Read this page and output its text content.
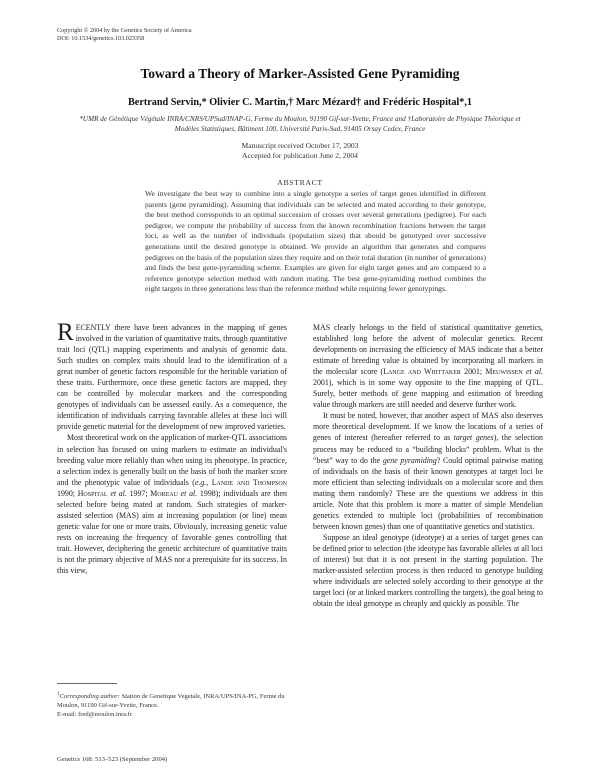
Copyright © 2004 by the Genetics Society of America
DOI: 10.1534/genetics.103.023358
Toward a Theory of Marker-Assisted Gene Pyramiding
Bertrand Servin,* Olivier C. Martin,† Marc Mézard† and Frédéric Hospital*,1
*UMR de Génétique Végétale INRA/CNRS/UPSud/INAP-G, Ferme du Moulon, 91190 Gif-sur-Yvette, France and †Laboratoire de Physique Théorique et Modèles Statistiques, Bâtiment 100, Université Paris-Sud, 91405 Orsay Cedex, France
Manuscript received October 17, 2003
Accepted for publication June 2, 2004
ABSTRACT
We investigate the best way to combine into a single genotype a series of target genes identified in different parents (gene pyramiding). Assuming that individuals can be selected and mated according to their genotype, the best method corresponds to an optimal succession of crosses over several generations (pedigree). For each pedigree, we compute the probability of success from the known recombination fractions between the target loci, as well as the number of individuals (population sizes) that should be genotyped over successive generations until the desired genotype is obtained. We provide an algorithm that generates and compares pedigrees on the basis of the population sizes they require and on their total duration (in number of generations) and finds the best gene-pyramiding scheme. Examples are given for eight target genes and are compared to a reference genotype selection method with random mating. The best gene-pyramiding method combines the eight targets in three generations less than the reference method while requiring fewer genotypings.

RECENTLY there have been advances in the mapping of genes involved in the variation of quantitative traits, through quantitative trait loci (QTL) mapping experiments and analysis of genomic data. Such studies on complex traits should lead to the identification of a great number of genetic factors responsible for the heritable variation of these traits. Furthermore, once these genetic factors are mapped, they can be controlled by molecular markers and the corresponding genotypes of individuals can be assessed easily. As a consequence, the identification of individuals carrying favorable alleles at these loci will provide genetic material for the development of new improved varieties.

Most theoretical work on the application of marker-QTL associations in selection has focused on using markers to estimate an individual's breeding value more reliably than when using its phenotype. In practice, a selection index is generally built on the basis of both the marker score and the phenotypic value of individuals (e.g., Lande and Thompson 1990; Hospital et al. 1997; Moreau et al. 1998); individuals are then selected before being mated at random. Such strategies of marker-assisted selection (MAS) aim at increasing population (or line) mean genetic value for one or more traits. Obviously, increasing genetic value rests on increasing the frequency of favorable genes controlling that trait. However, deciphering the genetic architecture of quantitative traits is not the primary objective of MAS nor a prerequisite for its success. In this view,

MAS clearly belongs to the field of statistical quantitative genetics, established long before the advent of molecular genetics. Recent developments on increasing the efficiency of MAS indicate that a better estimate of breeding value is obtained by incorporating all markers in the molecular score (Lange and Whittaker 2001; Meuwissen et al. 2001), which is in some way opposite to the fine mapping of QTL. Surely, better methods of gene mapping and estimation of breeding value through markers are still needed and deserve further work.

It must be noted, however, that another aspect of MAS also deserves more theoretical development. If we know the locations of a series of genes of interest (hereafter referred to as target genes), the selection process may be reduced to a “building blocks” problem. What is the “best” way to do the gene pyramiding? Could optimal pairwise mating of individuals on the basis of their known genotypes at target loci be more efficient than selecting individuals on a molecular score and then mating them randomly? These are the questions we address in this article. Note that this problem is more a matter of simple Mendelian genetics extended to multiple loci (probabilities of recombination between known genes) than one of quantitative genetics and statistics.

Suppose an ideal genotype (ideotype) at a series of target genes can be defined prior to selection (the ideotype has favorable alleles at all loci of interest) but that it is not present in the starting population. The marker-assisted selection process is then reduced to genotype building where individuals are selected solely according to their genotype at the target loci (or at linked markers controlling the targets), the goal being to obtain the ideal genotype as cheaply and quickly as possible. The

$^1$Corresponding author: Station de Genetique Vegetale, INRA/UPS/INA-PG, Ferme du Moulon, 91190 Gif-sur-Yvette, France.
E-mail: fred@moulon.inra.fr
Genetics 168: 513–523 (September 2004)
